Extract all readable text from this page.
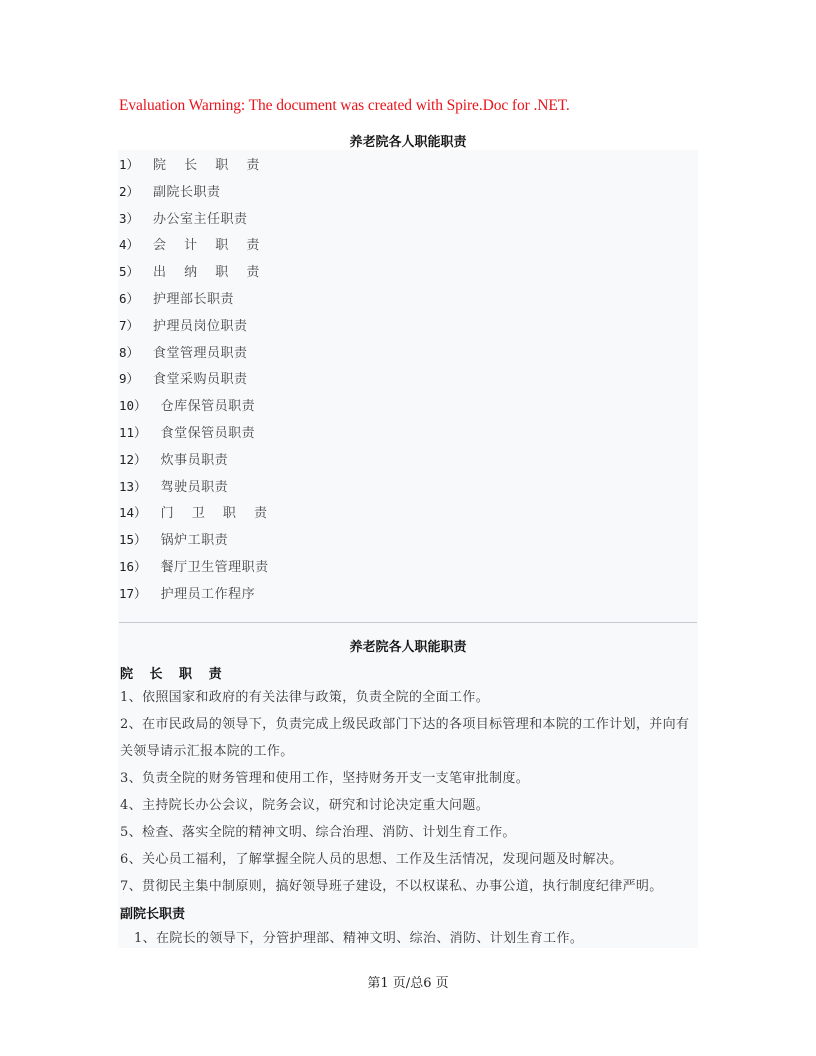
Evaluation Warning: The document was created with Spire.Doc for .NET.
养老院各人职能职责
1） 院 长 职 责
2） 副院长职责
3） 办公室主任职责
4） 会 计 职 责
5） 出 纳 职 责
6） 护理部长职责
7） 护理员岗位职责
8） 食堂管理员职责
9） 食堂采购员职责
10） 仓库保管员职责
11） 食堂保管员职责
12） 炊事员职责
13） 驾驶员职责
14） 门 卫 职 责
15） 锅炉工职责
16） 餐厅卫生管理职责
17） 护理员工作程序
养老院各人职能职责
院 长 职 责
1、依照国家和政府的有关法律与政策，负责全院的全面工作。
2、在市民政局的领导下，负责完成上级民政部门下达的各项目标管理和本院的工作计划，并向有关领导请示汇报本院的工作。
3、负责全院的财务管理和使用工作，坚持财务开支一支笔审批制度。
4、主持院长办公会议，院务会议，研究和讨论决定重大问题。
5、检查、落实全院的精神文明、综合治理、消防、计划生育工作。
6、关心员工福利，了解掌握全院人员的思想、工作及生活情况，发现问题及时解决。
7、贯彻民主集中制原则，搞好领导班子建设，不以权谋私、办事公道，执行制度纪律严明。
副院长职责
1、在院长的领导下，分管护理部、精神文明、综治、消防、计划生育工作。
第1 页/总6 页
